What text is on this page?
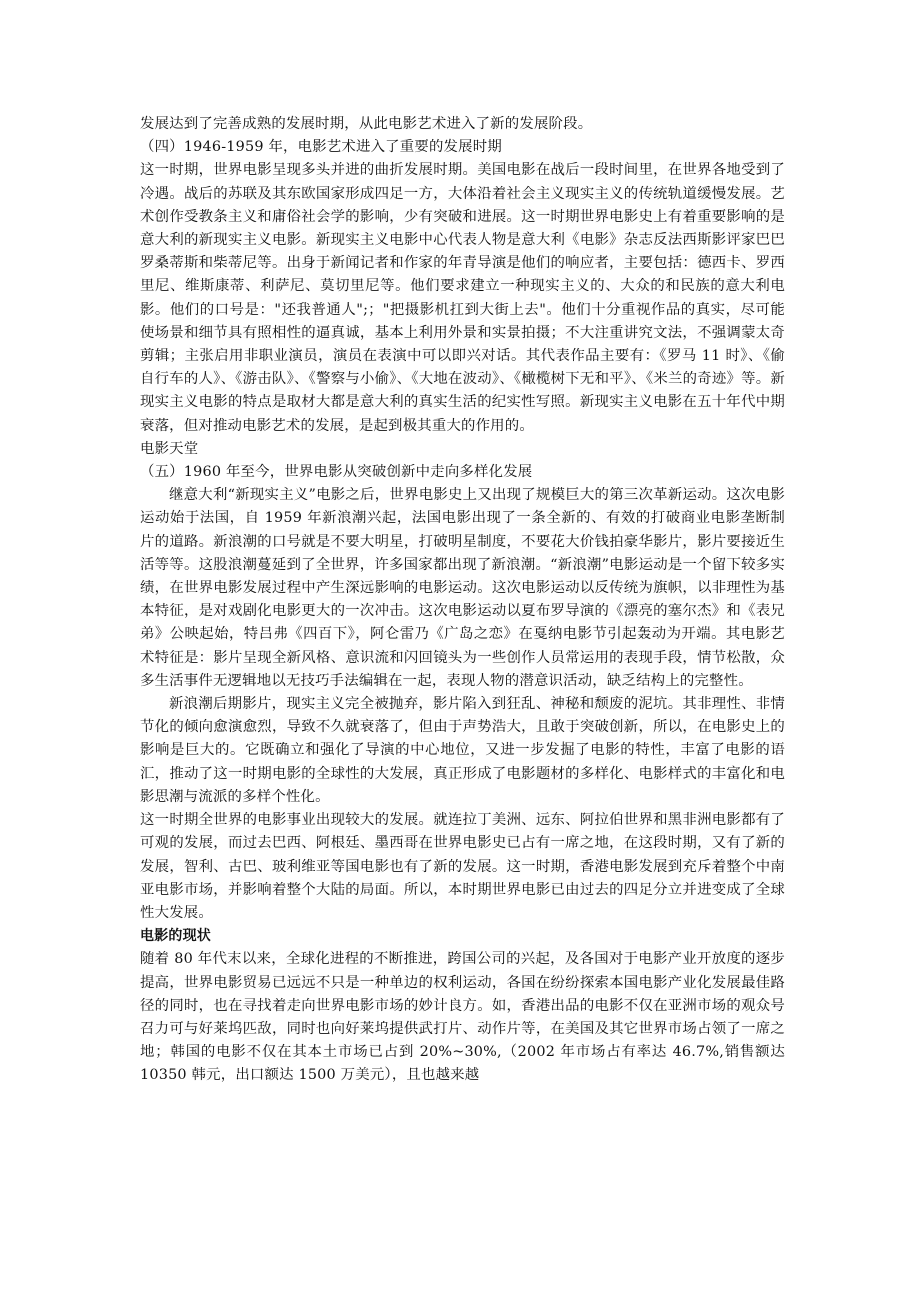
发展达到了完善成熟的发展时期，从此电影艺术进入了新的发展阶段。

（四）1946-1959 年，电影艺术进入了重要的发展时期

这一时期，世界电影呈现多头并进的曲折发展时期。美国电影在战后一段时间里，在世界各地受到了冷遇。战后的苏联及其东欧国家形成四足一方，大体沿着社会主义现实主义的传统轨道缓慢发展。艺术创作受教条主义和庸俗社会学的影响，少有突破和进展。这一时期世界电影史上有着重要影响的是意大利的新现实主义电影。新现实主义电影中心代表人物是意大利《电影》杂志反法西斯影评家巴巴罗桑蒂斯和柴蒂尼等。出身于新闻记者和作家的年青导演是他们的响应者，主要包括：德西卡、罗西里尼、维斯康蒂、利萨尼、莫切里尼等。他们要求建立一种现实主义的、大众的和民族的意大利电影。他们的口号是："还我普通人";；"把摄影机扛到大街上去"。他们十分重视作品的真实，尽可能使场景和细节具有照相性的逼真诚，基本上利用外景和实景拍摄；不大注重讲究文法，不强调蒙太奇剪辑；主张启用非职业演员，演员在表演中可以即兴对话。其代表作品主要有：《罗马 11 时》、《偷自行车的人》、《游击队》、《警察与小偷》、《大地在波动》、《橄榄树下无和平》、《米兰的奇迹》等。新现实主义电影的特点是取材大都是意大利的真实生活的纪实性写照。新现实主义电影在五十年代中期衰落，但对推动电影艺术的发展，是起到极其重大的作用的。

电影天堂

（五）1960 年至今，世界电影从突破创新中走向多样化发展

继意大利“新现实主义”电影之后，世界电影史上又出现了规模巨大的第三次革新运动。这次电影运动始于法国，自 1959 年新浪潮兴起，法国电影出现了一条全新的、有效的打破商业电影垄断制片的道路。新浪潮的口号就是不要大明星，打破明星制度，不要花大价钱拍豪华影片，影片要接近生活等等。这股浪潮蔓延到了全世界，许多国家都出现了新浪潮。“新浪潮”电影运动是一个留下较多实绩，在世界电影发展过程中产生深远影响的电影运动。这次电影运动以反传统为旗帜，以非理性为基本特征，是对戏剧化电影更大的一次冲击。这次电影运动以夏布罗导演的《漂亮的塞尔杰》和《表兄弟》公映起始，特吕弗《四百下》，阿仑雷乃《广岛之恋》在戛纳电影节引起轰动为开端。其电影艺术特征是：影片呈现全新风格、意识流和闪回镜头为一些创作人员常运用的表现手段，情节松散，众多生活事件无逻辑地以无技巧手法编辑在一起，表现人物的潜意识活动，缺乏结构上的完整性。

新浪潮后期影片，现实主义完全被抛弃，影片陷入到狂乱、神秘和颓废的泥坑。其非理性、非情节化的倾向愈演愈烈，导致不久就衰落了，但由于声势浩大，且敢于突破创新，所以，在电影史上的影响是巨大的。它既确立和强化了导演的中心地位，又进一步发掘了电影的特性，丰富了电影的语汇，推动了这一时期电影的全球性的大发展，真正形成了电影题材的多样化、电影样式的丰富化和电影思潮与流派的多样个性化。

这一时期全世界的电影事业出现较大的发展。就连拉丁美洲、远东、阿拉伯世界和黑非洲电影都有了可观的发展，而过去巴西、阿根廷、墨西哥在世界电影史已占有一席之地，在这段时期，又有了新的发展，智利、古巴、玻利维亚等国电影也有了新的发展。这一时期，香港电影发展到充斥着整个中南亚电影市场，并影响着整个大陆的局面。所以，本时期世界电影已由过去的四足分立并进变成了全球性大发展。

电影的现状

随着 80 年代末以来，全球化进程的不断推进，跨国公司的兴起，及各国对于电影产业开放度的逐步提高，世界电影贸易已远远不只是一种单边的权利运动，各国在纷纷探索本国电影产业化发展最佳路径的同时，也在寻找着走向世界电影市场的妙计良方。如，香港出品的电影不仅在亚洲市场的观众号召力可与好莱坞匹敌，同时也向好莱坞提供武打片、动作片等，在美国及其它世界市场占领了一席之地；韩国的电影不仅在其本土市场已占到 20%~30%,（2002 年市场占有率达 46.7%,销售额达 10350 韩元，出口额达 1500 万美元），且也越来越
